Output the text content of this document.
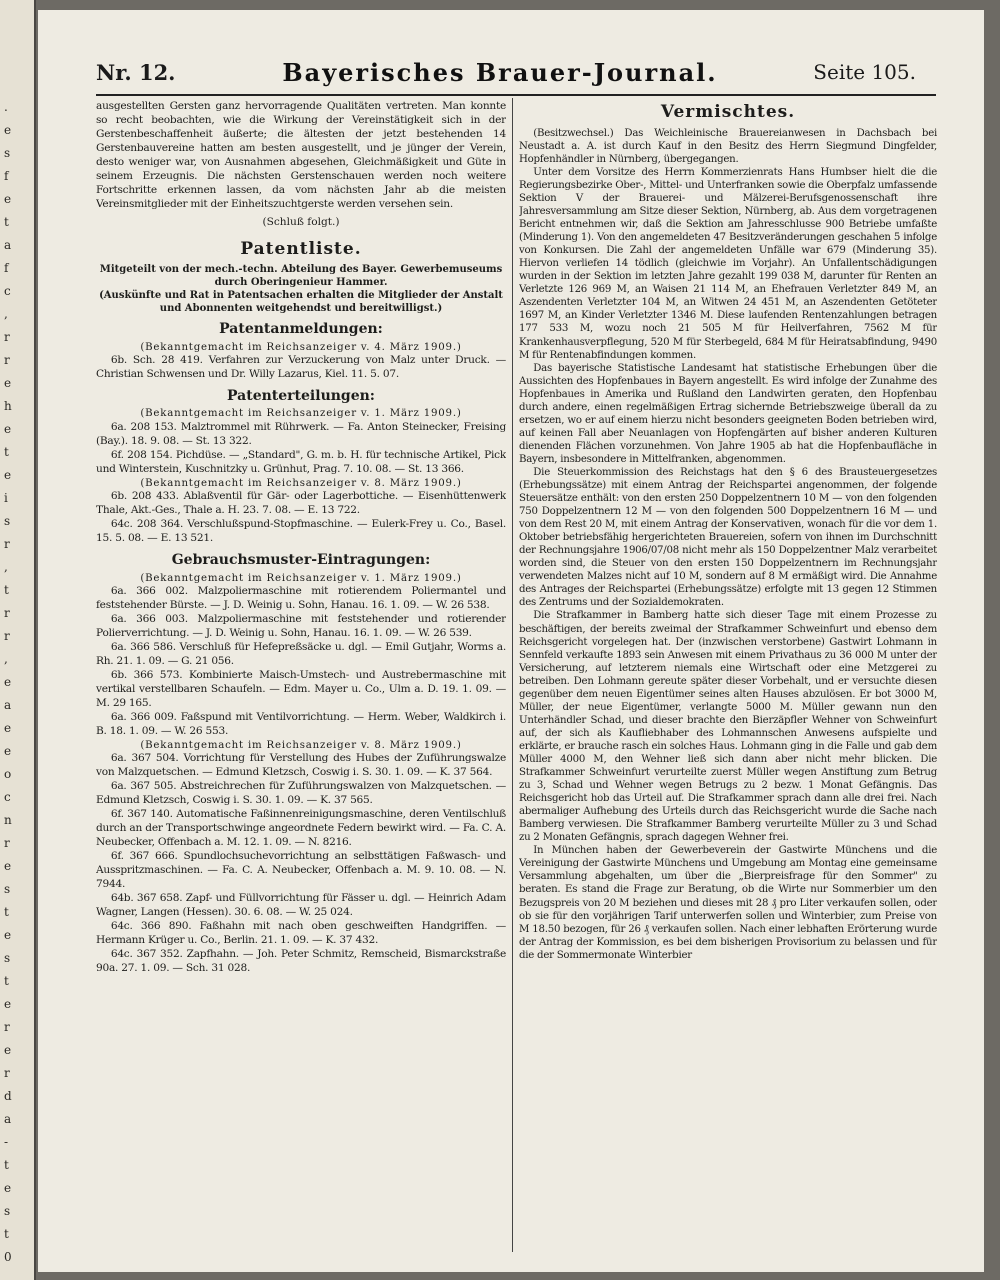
.
e
s
f
e
t
a
f
c
,
r
r
e
h
e
t
e
i
s
r
,
t
r
r
,
e
a
e
e
o
c
n
r
e
s
t
e
s
t
e
r
e
r
d
a
-
t
e
s
t
0
Nr. 12.	Bayerisches Brauer-Journal.	Seite 105.

ausgestellten Gersten ganz hervorragende Qualitäten vertreten. Man konnte so recht beobachten, wie die Wirkung der Vereinstätigkeit sich in der Gerstenbeschaffenheit äußerte; die ältesten der jetzt bestehenden 14 Gerstenbauvereine hatten am besten ausgestellt, und je jünger der Verein, desto weniger war, von Ausnahmen abgesehen, Gleichmäßigkeit und Güte in seinem Erzeugnis. Die nächsten Gerstenschauen werden noch weitere Fortschritte erkennen lassen, da vom nächsten Jahr ab die meisten Vereinsmitglieder mit der Einheitszuchtgerste werden versehen sein.

(Schluß folgt.)

Patentliste.

Mitgeteilt von der mech.-techn. Abteilung des Bayer. Gewerbemuseums durch Oberingenieur Hammer.

(Auskünfte und Rat in Patentsachen erhalten die Mitglieder der Anstalt und Abonnenten weitgehendst und bereitwilligst.)

Patentanmeldungen:

(Bekanntgemacht im Reichsanzeiger v. 4. März 1909.)

6b. Sch. 28 419. Verfahren zur Verzuckerung von Malz unter Druck. — Christian Schwensen und Dr. Willy Lazarus, Kiel. 11. 5. 07.

Patenterteilungen:

(Bekanntgemacht im Reichsanzeiger v. 1. März 1909.)

6a. 208 153. Malztrommel mit Rührwerk. — Fa. Anton Steinecker, Freising (Bay.). 18. 9. 08. — St. 13 322.

6f. 208 154. Pichdüse. — „Standard", G. m. b. H. für technische Artikel, Pick und Winterstein, Kuschnitzky u. Grünhut, Prag. 7. 10. 08. — St. 13 366.

(Bekanntgemacht im Reichsanzeiger v. 8. März 1909.)

6b. 208 433. Ablaßventil für Gär- oder Lagerbottiche. — Eisenhüttenwerk Thale, Akt.-Ges., Thale a. H. 23. 7. 08. — E. 13 722.

64c. 208 364. Verschlußspund-Stopfmaschine. — Eulerk-Frey u. Co., Basel. 15. 5. 08. — E. 13 521.

Gebrauchsmuster-Eintragungen:

(Bekanntgemacht im Reichsanzeiger v. 1. März 1909.)

6a. 366 002. Malzpoliermaschine mit rotierendem Poliermantel und feststehender Bürste. — J. D. Weinig u. Sohn, Hanau. 16. 1. 09. — W. 26 538.

6a. 366 003. Malzpoliermaschine mit feststehender und rotierender Polierverrichtung. — J. D. Weinig u. Sohn, Hanau. 16. 1. 09. — W. 26 539.

6a. 366 586. Verschluß für Hefepreßsäcke u. dgl. — Emil Gutjahr, Worms a. Rh. 21. 1. 09. — G. 21 056.

6b. 366 573. Kombinierte Maisch-Umstech- und Austrebermaschine mit vertikal verstellbaren Schaufeln. — Edm. Mayer u. Co., Ulm a. D. 19. 1. 09. — M. 29 165.

6a. 366 009. Faßspund mit Ventilvorrichtung. — Herm. Weber, Waldkirch i. B. 18. 1. 09. — W. 26 553.

(Bekanntgemacht im Reichsanzeiger v. 8. März 1909.)

6a. 367 504. Vorrichtung für Verstellung des Hubes der Zuführungswalze von Malzquetschen. — Edmund Kletzsch, Coswig i. S. 30. 1. 09. — K. 37 564.

6a. 367 505. Abstreichrechen für Zuführungswalzen von Malzquetschen. — Edmund Kletzsch, Coswig i. S. 30. 1. 09. — K. 37 565.

6f. 367 140. Automatische Faßinnenreinigungsmaschine, deren Ventilschluß durch an der Transportschwinge angeordnete Federn bewirkt wird. — Fa. C. A. Neubecker, Offenbach a. M. 12. 1. 09. — N. 8216.

6f. 367 666. Spundlochsuchevorrichtung an selbsttätigen Faßwasch- und Ausspritzmaschinen. — Fa. C. A. Neubecker, Offenbach a. M. 9. 10. 08. — N. 7944.

64b. 367 658. Zapf- und Füllvorrichtung für Fässer u. dgl. — Heinrich Adam Wagner, Langen (Hessen). 30. 6. 08. — W. 25 024.

64c. 366 890. Faßhahn mit nach oben geschweiften Handgriffen. — Hermann Krüger u. Co., Berlin. 21. 1. 09. — K. 37 432.

64c. 367 352. Zapfhahn. — Joh. Peter Schmitz, Remscheid, Bismarckstraße 90a. 27. 1. 09. — Sch. 31 028.

Vermischtes.

(Besitzwechsel.) Das Weichleinische Brauereianwesen in Dachsbach bei Neustadt a. A. ist durch Kauf in den Besitz des Herrn Siegmund Dingfelder, Hopfenhändler in Nürnberg, übergegangen.

Unter dem Vorsitze des Herrn Kommerzienrats Hans Humbser hielt die die Regierungsbezirke Ober-, Mittel- und Unterfranken sowie die Oberpfalz umfassende Sektion V der Brauerei- und Mälzerei-Berufsgenossenschaft ihre Jahresversammlung am Sitze dieser Sektion, Nürnberg, ab. Aus dem vorgetragenen Bericht entnehmen wir, daß die Sektion am Jahresschlusse 900 Betriebe umfaßte (Minderung 1). Von den angemeldeten 47 Besitzveränderungen geschahen 5 infolge von Konkursen. Die Zahl der angemeldeten Unfälle war 679 (Minderung 35). Hiervon verliefen 14 tödlich (gleichwie im Vorjahr). An Unfallentschädigungen wurden in der Sektion im letzten Jahre gezahlt 199 038 M, darunter für Renten an Verletzte 126 969 M, an Waisen 21 114 M, an Ehefrauen Verletzter 849 M, an Aszendenten Verletzter 104 M, an Witwen 24 451 M, an Aszendenten Getöteter 1697 M, an Kinder Verletzter 1346 M. Diese laufenden Rentenzahlungen betragen 177 533 M, wozu noch 21 505 M für Heilverfahren, 7562 M für Krankenhausverpflegung, 520 M für Sterbegeld, 684 M für Heiratsabfindung, 9490 M für Rentenabfindungen kommen.

Das bayerische Statistische Landesamt hat statistische Erhebungen über die Aussichten des Hopfenbaues in Bayern angestellt. Es wird infolge der Zunahme des Hopfenbaues in Amerika und Rußland den Landwirten geraten, den Hopfenbau durch andere, einen regelmäßigen Ertrag sichernde Betriebszweige überall da zu ersetzen, wo er auf einem hierzu nicht besonders geeigneten Boden betrieben wird, auf keinen Fall aber Neuanlagen von Hopfengärten auf bisher anderen Kulturen dienenden Flächen vorzunehmen. Von Jahre 1905 ab hat die Hopfenbaufläche in Bayern, insbesondere in Mittelfranken, abgenommen.

Die Steuerkommission des Reichstags hat den § 6 des Brausteuergesetzes (Erhebungssätze) mit einem Antrag der Reichspartei angenommen, der folgende Steuersätze enthält: von den ersten 250 Doppelzentnern 10 M — von den folgenden 750 Doppelzentnern 12 M — von den folgenden 500 Doppelzentnern 16 M — und von dem Rest 20 M, mit einem Antrag der Konservativen, wonach für die vor dem 1. Oktober betriebsfähig hergerichteten Brauereien, sofern von ihnen im Durchschnitt der Rechnungsjahre 1906/07/08 nicht mehr als 150 Doppelzentner Malz verarbeitet worden sind, die Steuer von den ersten 150 Doppelzentnern im Rechnungsjahr verwendeten Malzes nicht auf 10 M, sondern auf 8 M ermäßigt wird. Die Annahme des Antrages der Reichspartei (Erhebungssätze) erfolgte mit 13 gegen 12 Stimmen des Zentrums und der Sozialdemokraten.

Die Strafkammer in Bamberg hatte sich dieser Tage mit einem Prozesse zu beschäftigen, der bereits zweimal der Strafkammer Schweinfurt und ebenso dem Reichsgericht vorgelegen hat. Der (inzwischen verstorbene) Gastwirt Lohmann in Sennfeld verkaufte 1893 sein Anwesen mit einem Privathaus zu 36 000 M unter der Versicherung, auf letzterem niemals eine Wirtschaft oder eine Metzgerei zu betreiben. Den Lohmann gereute später dieser Vorbehalt, und er versuchte diesen gegenüber dem neuen Eigentümer seines alten Hauses abzulösen. Er bot 3000 M, Müller, der neue Eigentümer, verlangte 5000 M. Müller gewann nun den Unterhändler Schad, und dieser brachte den Bierzäpfler Wehner von Schweinfurt auf, der sich als Kaufliebhaber des Lohmannschen Anwesens aufspielte und erklärte, er brauche rasch ein solches Haus. Lohmann ging in die Falle und gab dem Müller 4000 M, den Wehner ließ sich dann aber nicht mehr blicken. Die Strafkammer Schweinfurt verurteilte zuerst Müller wegen Anstiftung zum Betrug zu 3, Schad und Wehner wegen Betrugs zu 2 bezw. 1 Monat Gefängnis. Das Reichsgericht hob das Urteil auf. Die Strafkammer sprach dann alle drei frei. Nach abermaliger Aufhebung des Urteils durch das Reichsgericht wurde die Sache nach Bamberg verwiesen. Die Strafkammer Bamberg verurteilte Müller zu 3 und Schad zu 2 Monaten Gefängnis, sprach dagegen Wehner frei.

In München haben der Gewerbeverein der Gastwirte Münchens und die Vereinigung der Gastwirte Münchens und Umgebung am Montag eine gemeinsame Versammlung abgehalten, um über die „Bierpreisfrage für den Sommer" zu beraten. Es stand die Frage zur Beratung, ob die Wirte nur Sommerbier um den Bezugspreis von 20 M beziehen und dieses mit 28 ₰ pro Liter verkaufen sollen, oder ob sie für den vorjährigen Tarif unterwerfen sollen und Winterbier, zum Preise von M 18.50 bezogen, für 26 ₰ verkaufen sollen. Nach einer lebhaften Erörterung wurde der Antrag der Kommission, es bei dem bisherigen Provisorium zu belassen und für die der Sommermonate Winterbier
